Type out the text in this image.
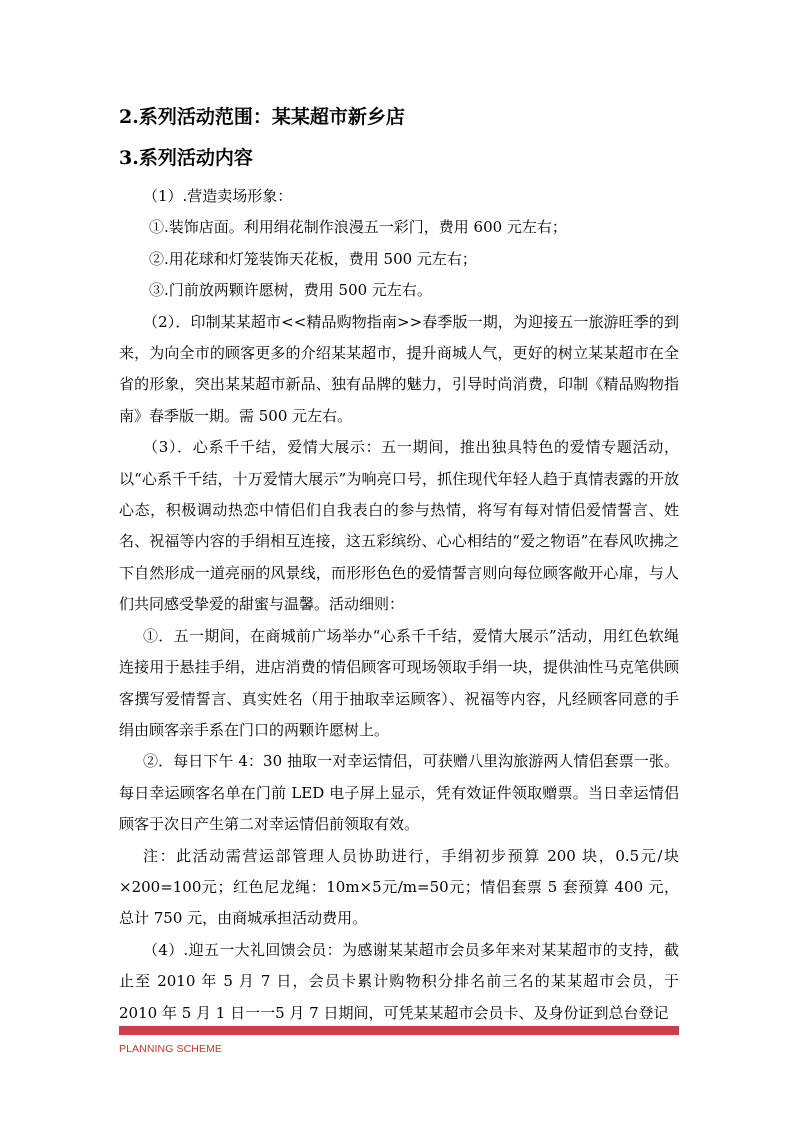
2.系列活动范围：某某超市新乡店
3.系列活动内容

（1）.营造卖场形象：

①.装饰店面。利用绢花制作浪漫五一彩门，费用 600 元左右；

②.用花球和灯笼装饰天花板，费用 500 元左右；

③.门前放两颗许愿树，费用 500 元左右。

（2）．印制某某超市<<精品购物指南>>春季版一期，为迎接五一旅游旺季的到来，为向全市的顾客更多的介绍某某超市，提升商城人气，更好的树立某某超市在全省的形象，突出某某超市新品、独有品牌的魅力，引导时尚消费，印制《精品购物指南》春季版一期。需 500 元左右。

（3）．心系千千结，爱情大展示：五一期间，推出独具特色的爱情专题活动，以“心系千千结，十万爱情大展示”为响亮口号，抓住现代年轻人趋于真情表露的开放心态，积极调动热恋中情侣们自我表白的参与热情，将写有每对情侣爱情誓言、姓名、祝福等内容的手绢相互连接，这五彩缤纷、心心相结的“爱之物语”在春风吹拂之下自然形成一道亮丽的风景线，而形形色色的爱情誓言则向每位顾客敞开心扉，与人们共同感受挚爱的甜蜜与温馨。活动细则：

①．五一期间，在商城前广场举办“心系千千结，爱情大展示”活动，用红色软绳连接用于悬挂手绢，进店消费的情侣顾客可现场领取手绢一块，提供油性马克笔供顾客撰写爱情誓言、真实姓名（用于抽取幸运顾客）、祝福等内容，凡经顾客同意的手绢由顾客亲手系在门口的两颗许愿树上。

②．每日下午 4：30 抽取一对幸运情侣，可获赠八里沟旅游两人情侣套票一张。每日幸运顾客名单在门前 LED 电子屏上显示，凭有效证件领取赠票。当日幸运情侣顾客于次日产生第二对幸运情侣前领取有效。

注：此活动需营运部管理人员协助进行，手绢初步预算 200 块，0.5元/块×200=100元；红色尼龙绳：10m×5元/m=50元；情侣套票 5 套预算 400 元，总计 750 元，由商城承担活动费用。

（4）.迎五一大礼回馈会员：为感谢某某超市会员多年来对某某超市的支持，截止至 2010 年 5 月 7 日，会员卡累计购物积分排名前三名的某某超市会员，于 2010 年 5 月 1 日一一5 月 7 日期间，可凭某某超市会员卡、及身份证到总台登记

PLANNING SCHEME
